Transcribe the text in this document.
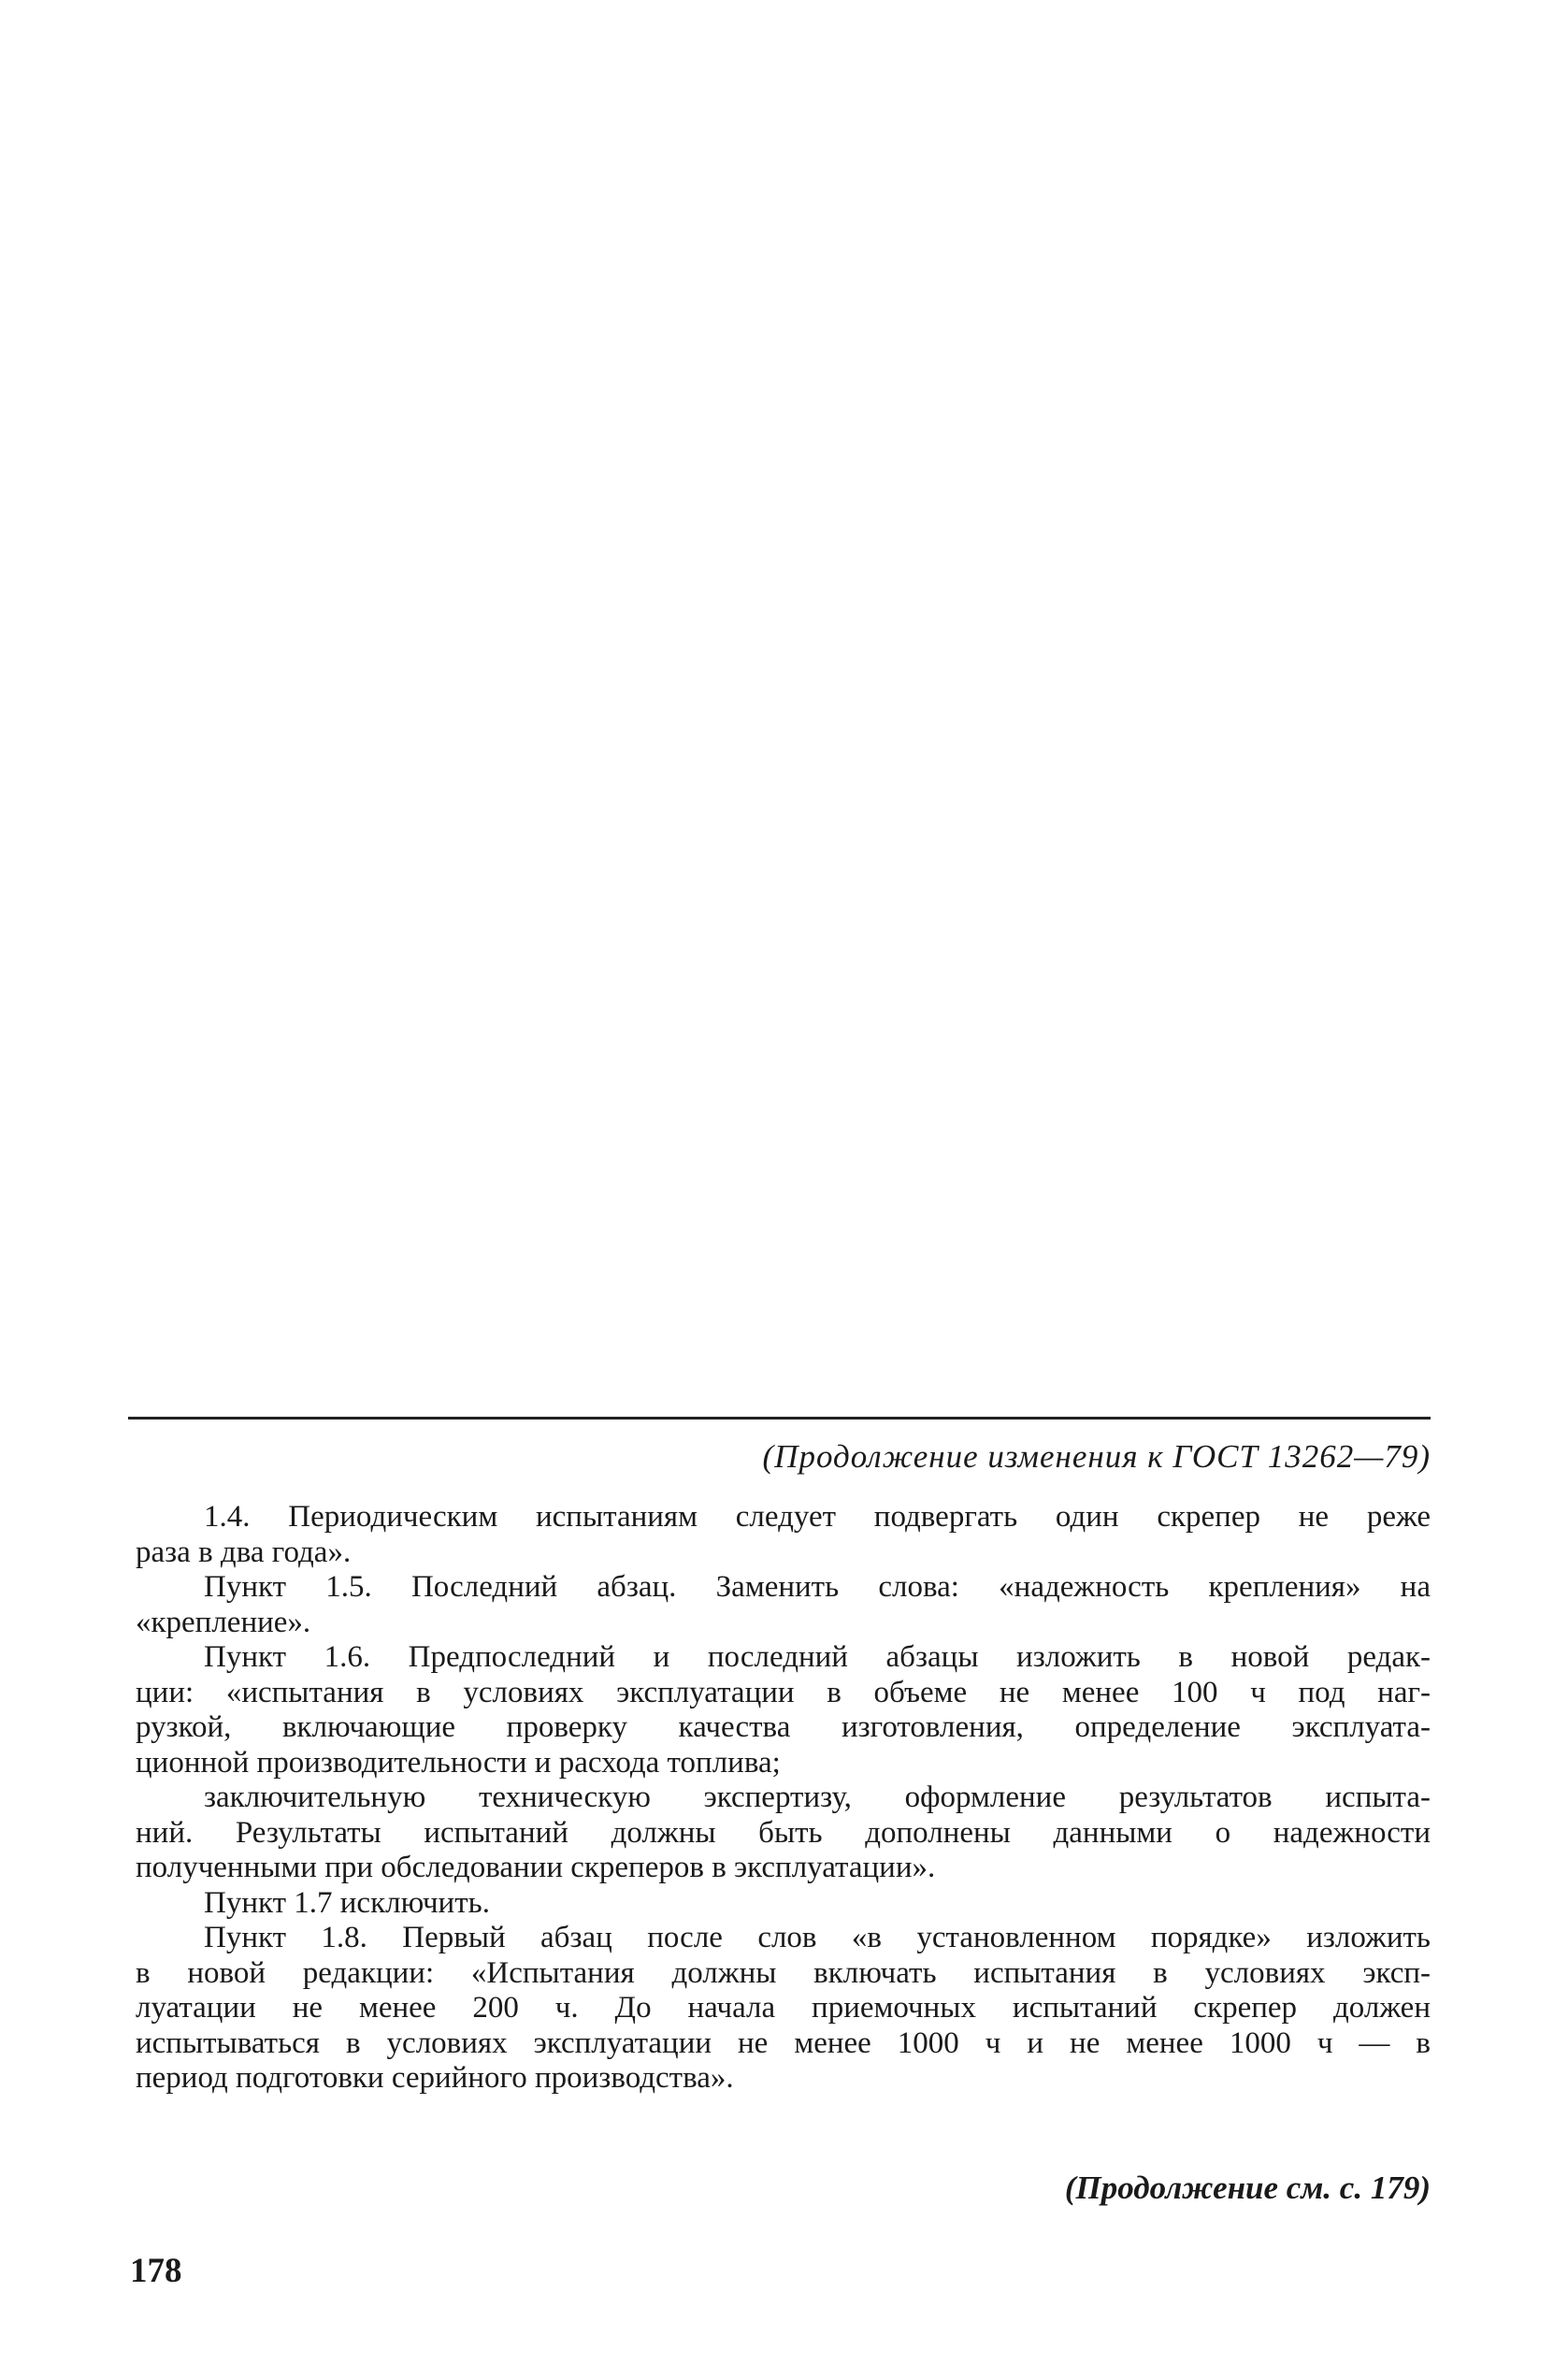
(Продолжение изменения к ГОСТ 13262—79)
1.4. Периодическим испытаниям следует подвергать один скрепер не реже
раза в два года».
Пункт 1.5. Последний абзац. Заменить слова: «надежность крепления» на
«крепление».
Пункт 1.6. Предпоследний и последний абзацы изложить в новой редак-
ции: «испытания в условиях эксплуатации в объеме не менее 100 ч под наг-
рузкой, включающие проверку качества изготовления, определение эксплуата-
ционной производительности и расхода топлива;
заключительную техническую экспертизу, оформление результатов испыта-
ний. Результаты испытаний должны быть дополнены данными о надежности
полученными при обследовании скреперов в эксплуатации».
Пункт 1.7 исключить.
Пункт 1.8. Первый абзац после слов «в установленном порядке» изложить
в новой редакции: «Испытания должны включать испытания в условиях эксп-
луатации не менее 200 ч. До начала приемочных испытаний скрепер должен
испытываться в условиях эксплуатации не менее 1000 ч и не менее 1000 ч — в
период подготовки серийного производства».
(Продолжение см. с. 179)
178
